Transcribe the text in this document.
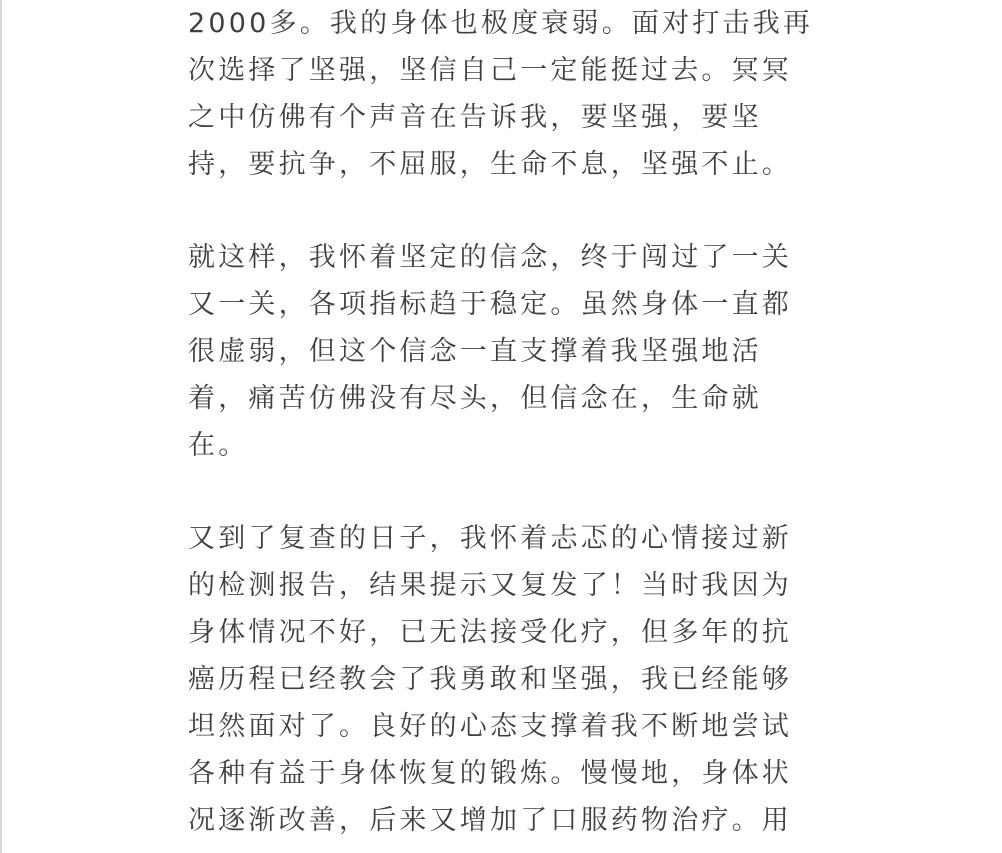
2000多。我的身体也极度衰弱。面对打击我再
次选择了坚强，坚信自己一定能挺过去。冥冥
之中仿佛有个声音在告诉我，要坚强，要坚
持，要抗争，不屈服，生命不息，坚强不止。
就这样，我怀着坚定的信念，终于闯过了一关
又一关，各项指标趋于稳定。虽然身体一直都
很虚弱，但这个信念一直支撑着我坚强地活
着，痛苦仿佛没有尽头，但信念在，生命就
在。
又到了复查的日子，我怀着忐忑的心情接过新
的检测报告，结果提示又复发了！当时我因为
身体情况不好，已无法接受化疗，但多年的抗
癌历程已经教会了我勇敢和坚强，我已经能够
坦然面对了。良好的心态支撑着我不断地尝试
各种有益于身体恢复的锻炼。慢慢地，身体状
况逐渐改善，后来又增加了口服药物治疗。用
